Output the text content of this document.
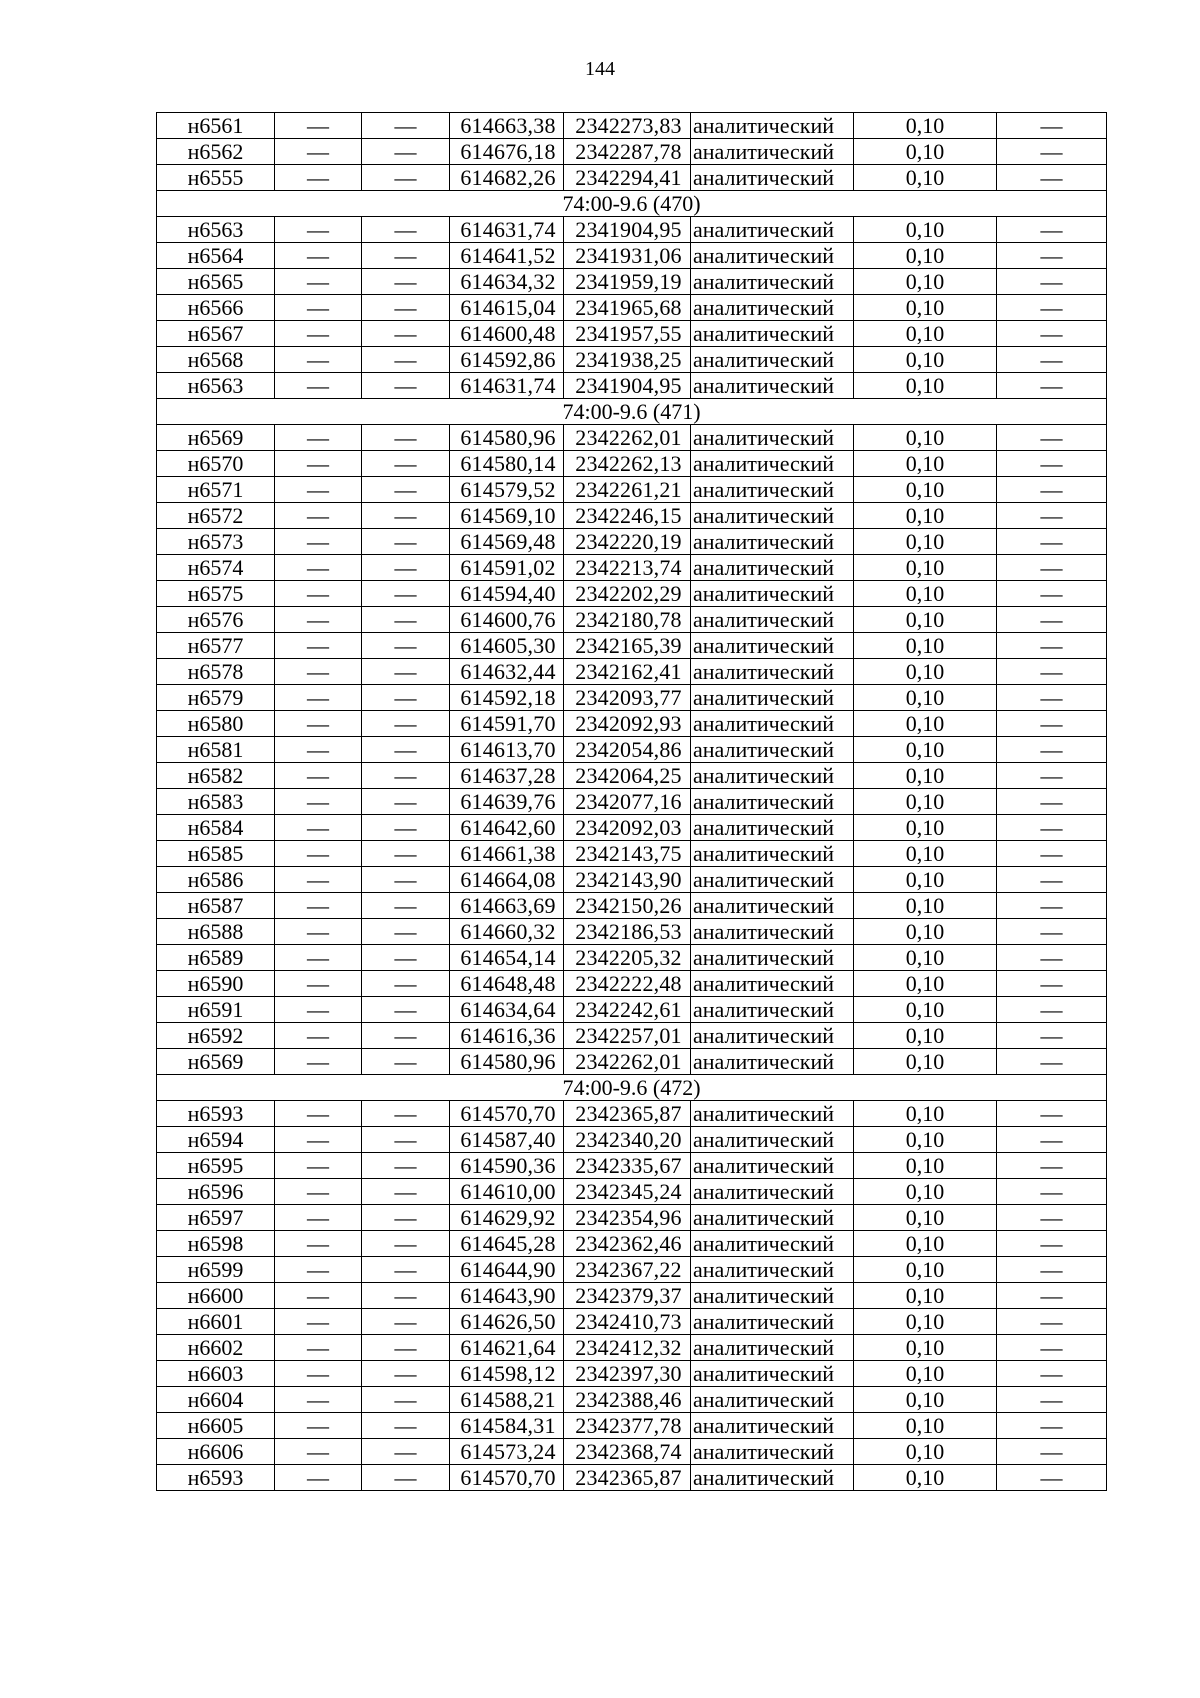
144
н6561	—	—	614663,38	2342273,83	аналитический	0,10	—
н6562	—	—	614676,18	2342287,78	аналитический	0,10	—
н6555	—	—	614682,26	2342294,41	аналитический	0,10	—
74:00-9.6 (470)							
н6563	—	—	614631,74	2341904,95	аналитический	0,10	—
н6564	—	—	614641,52	2341931,06	аналитический	0,10	—
н6565	—	—	614634,32	2341959,19	аналитический	0,10	—
н6566	—	—	614615,04	2341965,68	аналитический	0,10	—
н6567	—	—	614600,48	2341957,55	аналитический	0,10	—
н6568	—	—	614592,86	2341938,25	аналитический	0,10	—
н6563	—	—	614631,74	2341904,95	аналитический	0,10	—
74:00-9.6 (471)							
н6569	—	—	614580,96	2342262,01	аналитический	0,10	—
н6570	—	—	614580,14	2342262,13	аналитический	0,10	—
н6571	—	—	614579,52	2342261,21	аналитический	0,10	—
н6572	—	—	614569,10	2342246,15	аналитический	0,10	—
н6573	—	—	614569,48	2342220,19	аналитический	0,10	—
н6574	—	—	614591,02	2342213,74	аналитический	0,10	—
н6575	—	—	614594,40	2342202,29	аналитический	0,10	—
н6576	—	—	614600,76	2342180,78	аналитический	0,10	—
н6577	—	—	614605,30	2342165,39	аналитический	0,10	—
н6578	—	—	614632,44	2342162,41	аналитический	0,10	—
н6579	—	—	614592,18	2342093,77	аналитический	0,10	—
н6580	—	—	614591,70	2342092,93	аналитический	0,10	—
н6581	—	—	614613,70	2342054,86	аналитический	0,10	—
н6582	—	—	614637,28	2342064,25	аналитический	0,10	—
н6583	—	—	614639,76	2342077,16	аналитический	0,10	—
н6584	—	—	614642,60	2342092,03	аналитический	0,10	—
н6585	—	—	614661,38	2342143,75	аналитический	0,10	—
н6586	—	—	614664,08	2342143,90	аналитический	0,10	—
н6587	—	—	614663,69	2342150,26	аналитический	0,10	—
н6588	—	—	614660,32	2342186,53	аналитический	0,10	—
н6589	—	—	614654,14	2342205,32	аналитический	0,10	—
н6590	—	—	614648,48	2342222,48	аналитический	0,10	—
н6591	—	—	614634,64	2342242,61	аналитический	0,10	—
н6592	—	—	614616,36	2342257,01	аналитический	0,10	—
н6569	—	—	614580,96	2342262,01	аналитический	0,10	—
74:00-9.6 (472)							
н6593	—	—	614570,70	2342365,87	аналитический	0,10	—
н6594	—	—	614587,40	2342340,20	аналитический	0,10	—
н6595	—	—	614590,36	2342335,67	аналитический	0,10	—
н6596	—	—	614610,00	2342345,24	аналитический	0,10	—
н6597	—	—	614629,92	2342354,96	аналитический	0,10	—
н6598	—	—	614645,28	2342362,46	аналитический	0,10	—
н6599	—	—	614644,90	2342367,22	аналитический	0,10	—
н6600	—	—	614643,90	2342379,37	аналитический	0,10	—
н6601	—	—	614626,50	2342410,73	аналитический	0,10	—
н6602	—	—	614621,64	2342412,32	аналитический	0,10	—
н6603	—	—	614598,12	2342397,30	аналитический	0,10	—
н6604	—	—	614588,21	2342388,46	аналитический	0,10	—
н6605	—	—	614584,31	2342377,78	аналитический	0,10	—
н6606	—	—	614573,24	2342368,74	аналитический	0,10	—
н6593	—	—	614570,70	2342365,87	аналитический	0,10	—
